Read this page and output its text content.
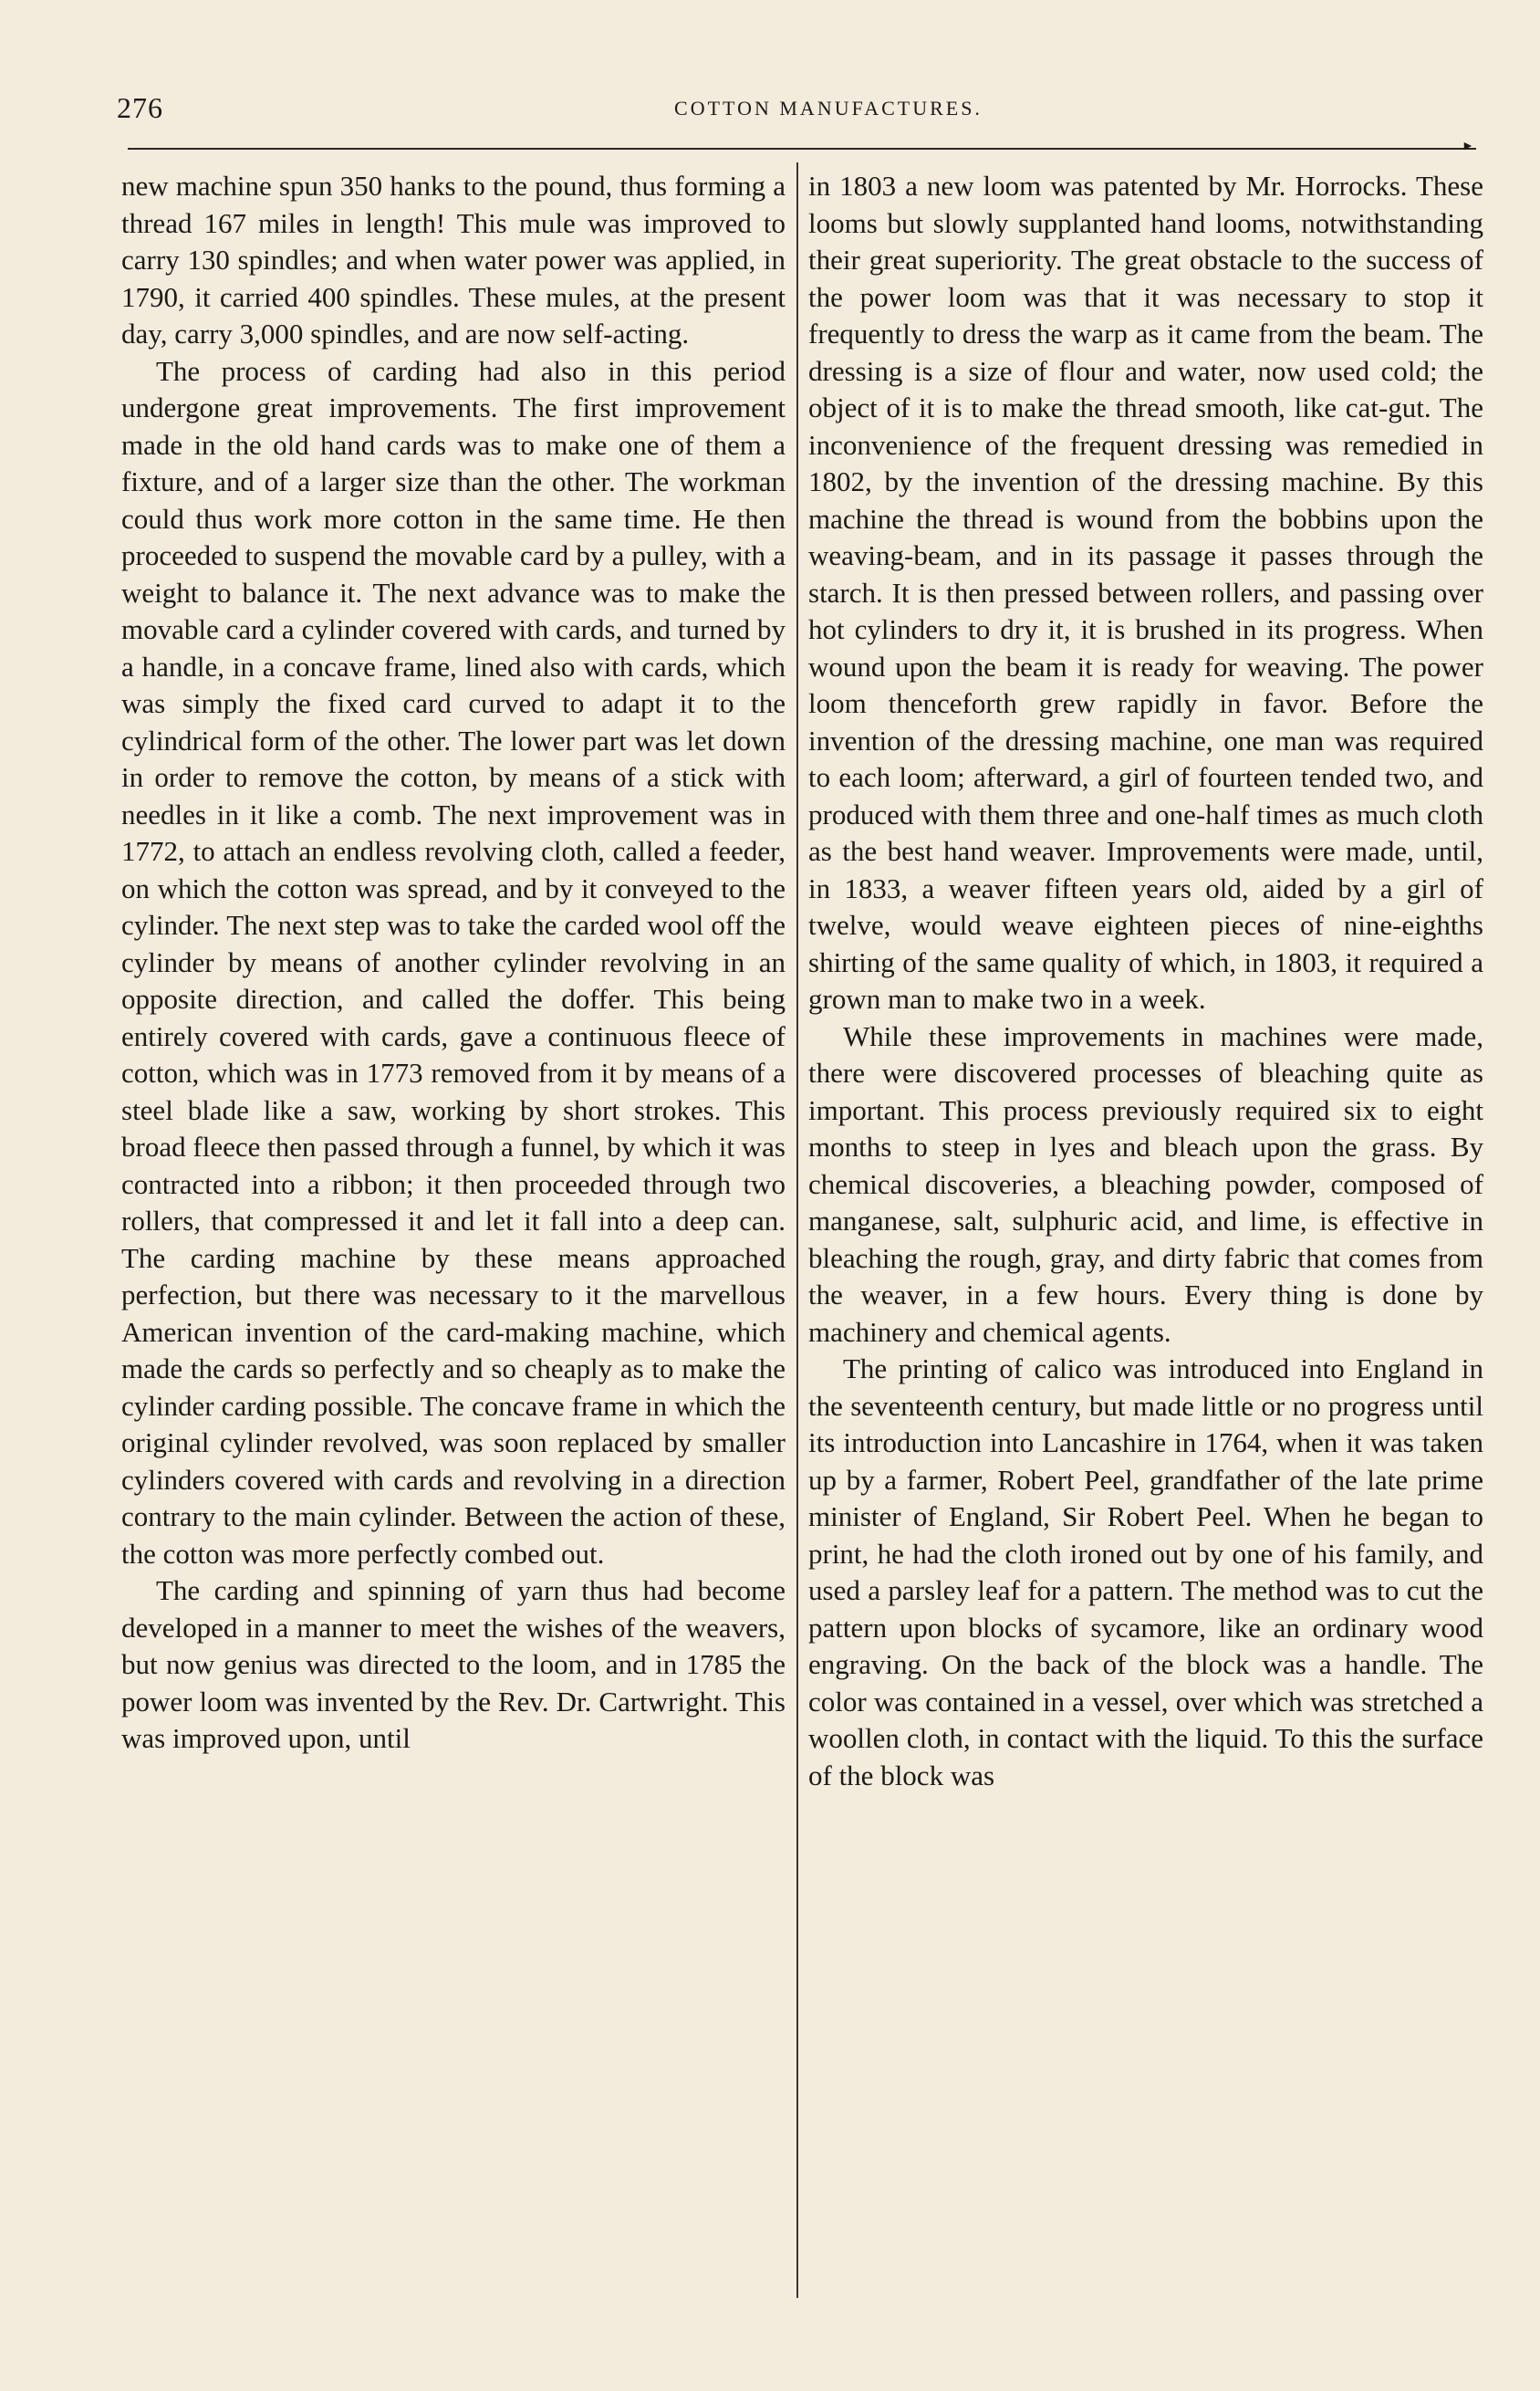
276	COTTON MANUFACTURES.
►

new machine spun 350 hanks to the pound, thus forming a thread 167 miles in length! This mule was improved to carry 130 spindles; and when water power was applied, in 1790, it carried 400 spindles. These mules, at the present day, carry 3,000 spindles, and are now self-acting.

The process of carding had also in this period undergone great improvements. The first improvement made in the old hand cards was to make one of them a fixture, and of a larger size than the other. The workman could thus work more cotton in the same time. He then proceeded to suspend the movable card by a pulley, with a weight to balance it. The next advance was to make the movable card a cylinder covered with cards, and turned by a handle, in a concave frame, lined also with cards, which was simply the fixed card curved to adapt it to the cylindrical form of the other. The lower part was let down in order to remove the cotton, by means of a stick with needles in it like a comb. The next improvement was in 1772, to attach an endless revolving cloth, called a feeder, on which the cotton was spread, and by it conveyed to the cylinder. The next step was to take the carded wool off the cylinder by means of another cylinder revolving in an opposite direction, and called the doffer. This being entirely covered with cards, gave a continuous fleece of cotton, which was in 1773 removed from it by means of a steel blade like a saw, working by short strokes. This broad fleece then passed through a funnel, by which it was contracted into a ribbon; it then proceeded through two rollers, that compressed it and let it fall into a deep can. The carding machine by these means approached perfection, but there was necessary to it the marvellous American invention of the card-making machine, which made the cards so perfectly and so cheaply as to make the cylinder carding possible. The concave frame in which the original cylinder revolved, was soon replaced by smaller cylinders covered with cards and revolving in a direction contrary to the main cylinder. Between the action of these, the cotton was more perfectly combed out.

The carding and spinning of yarn thus had become developed in a manner to meet the wishes of the weavers, but now genius was directed to the loom, and in 1785 the power loom was invented by the Rev. Dr. Cartwright. This was improved upon, until

in 1803 a new loom was patented by Mr. Horrocks. These looms but slowly supplanted hand looms, notwithstanding their great superiority. The great obstacle to the success of the power loom was that it was necessary to stop it frequently to dress the warp as it came from the beam. The dressing is a size of flour and water, now used cold; the object of it is to make the thread smooth, like cat-gut. The inconvenience of the frequent dressing was remedied in 1802, by the invention of the dressing machine. By this machine the thread is wound from the bobbins upon the weaving-beam, and in its passage it passes through the starch. It is then pressed between rollers, and passing over hot cylinders to dry it, it is brushed in its progress. When wound upon the beam it is ready for weaving. The power loom thenceforth grew rapidly in favor. Before the invention of the dressing machine, one man was required to each loom; afterward, a girl of fourteen tended two, and produced with them three and one-half times as much cloth as the best hand weaver. Improvements were made, until, in 1833, a weaver fifteen years old, aided by a girl of twelve, would weave eighteen pieces of nine-eighths shirting of the same quality of which, in 1803, it required a grown man to make two in a week.

While these improvements in machines were made, there were discovered processes of bleaching quite as important. This process previously required six to eight months to steep in lyes and bleach upon the grass. By chemical discoveries, a bleaching powder, composed of manganese, salt, sulphuric acid, and lime, is effective in bleaching the rough, gray, and dirty fabric that comes from the weaver, in a few hours. Every thing is done by machinery and chemical agents.

The printing of calico was introduced into England in the seventeenth century, but made little or no progress until its introduction into Lancashire in 1764, when it was taken up by a farmer, Robert Peel, grandfather of the late prime minister of England, Sir Robert Peel. When he began to print, he had the cloth ironed out by one of his family, and used a parsley leaf for a pattern. The method was to cut the pattern upon blocks of sycamore, like an ordinary wood engraving. On the back of the block was a handle. The color was contained in a vessel, over which was stretched a woollen cloth, in contact with the liquid. To this the surface of the block was
